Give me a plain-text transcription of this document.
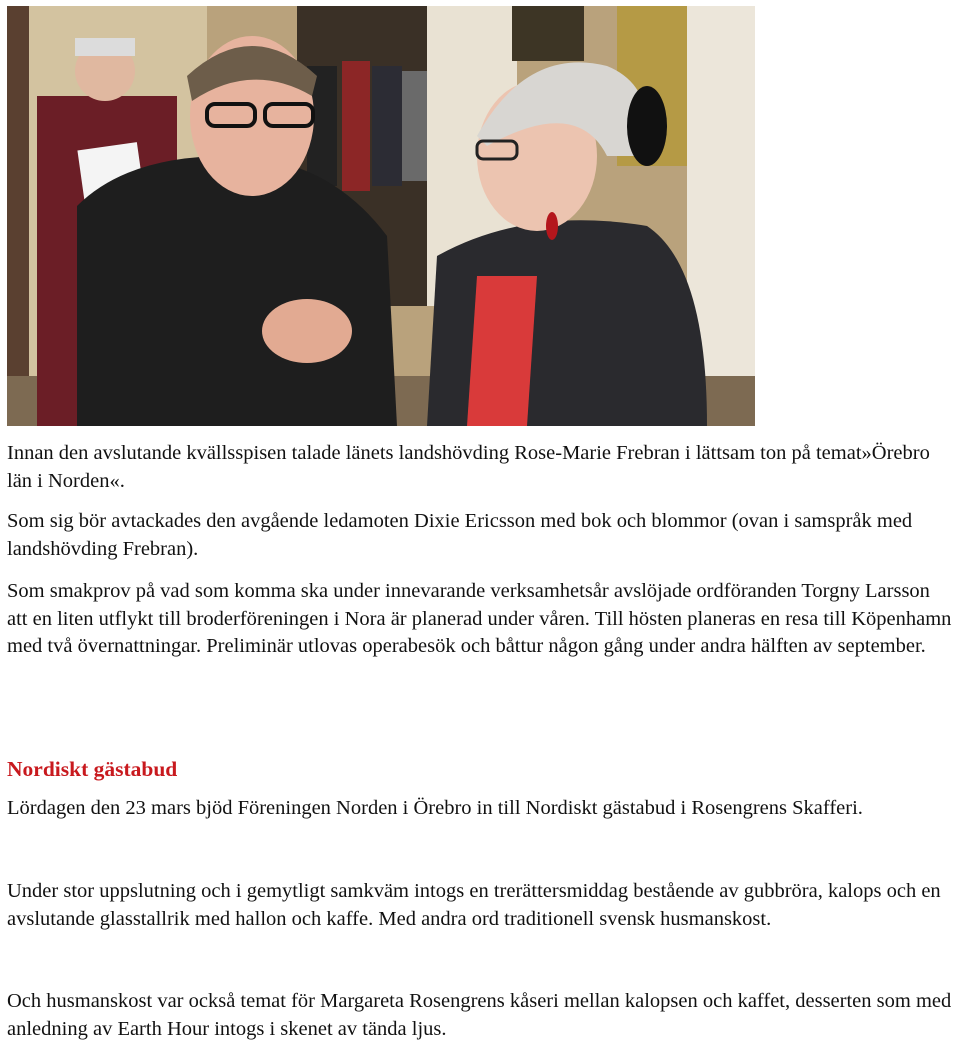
Innan den avslutande kvällsspisen talade länets landshövding Rose-Marie Frebran i lättsam ton på temat»Örebro län i Norden«.

Som sig bör avtackades den avgående ledamoten Dixie Ericsson med bok och blommor (ovan i samspråk med landshövding Frebran).

Som smakprov på vad som komma ska under innevarande verksamhetsår avslöjade ordföranden Torgny Larsson att en liten utflykt till broderföreningen i Nora är planerad under våren. Till hösten planeras en resa till Köpenhamn med två övernattningar. Preliminär utlovas operabesök och båttur någon gång under andra hälften av september.

Nordiskt gästabud

Lördagen den 23 mars bjöd Föreningen Norden i Örebro in till Nordiskt gästabud i Rosengrens Skafferi.

Under stor uppslutning och i gemytligt samkväm intogs en trerättersmiddag bestående av gubbröra, kalops och en avslutande glasstallrik med hallon och kaffe. Med andra ord traditionell svensk husmanskost.

Och husmanskost var också temat för Margareta Rosengrens kåseri mellan kalopsen och kaffet, desserten som med anledning av Earth Hour intogs i skenet av tända ljus.
